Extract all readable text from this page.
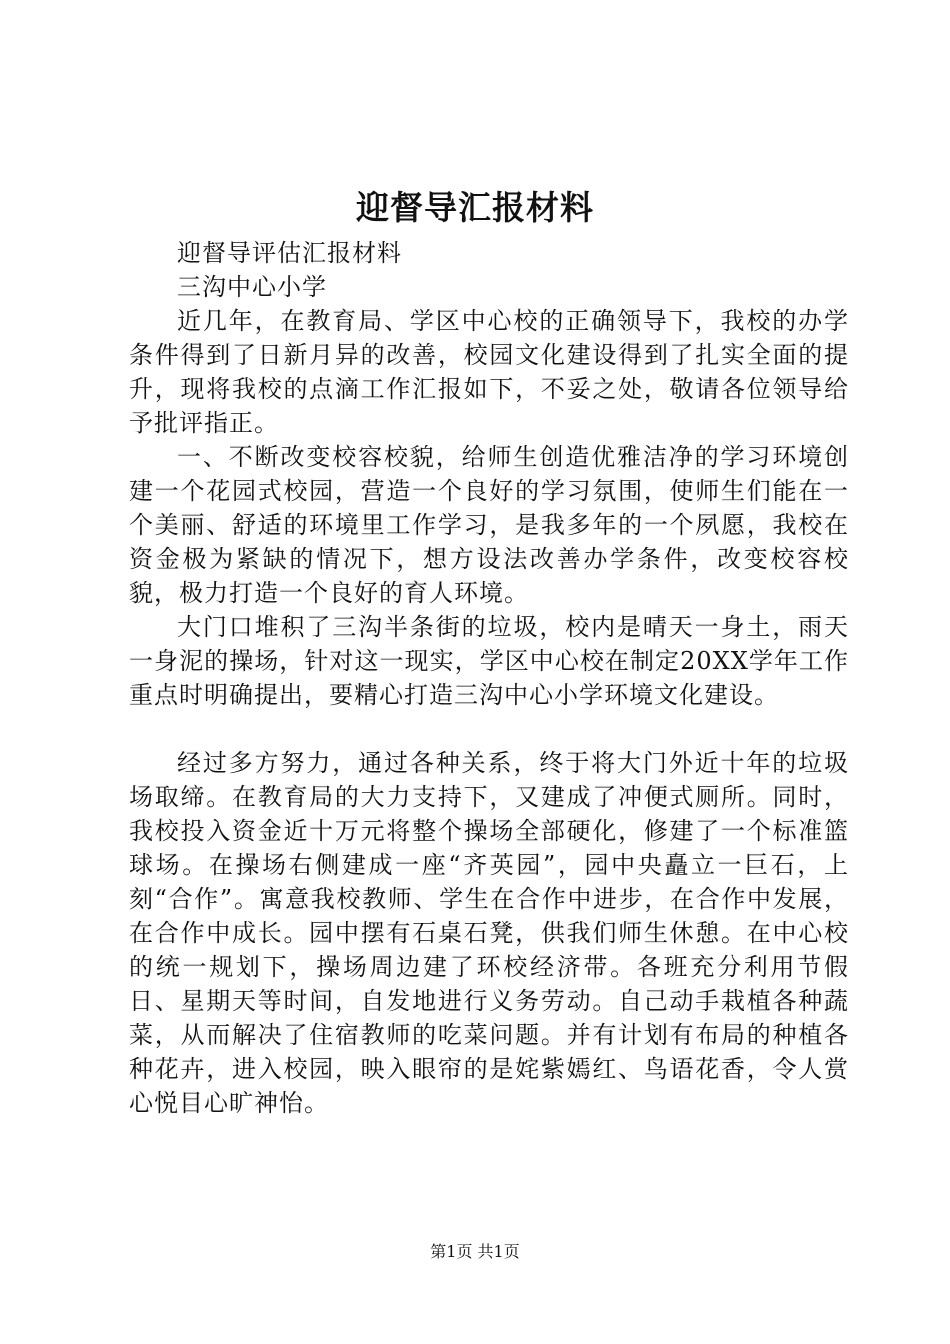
迎督导汇报材料

迎督导评估汇报材料

三沟中心小学

近几年，在教育局、学区中心校的正确领导下，我校的办学条件得到了日新月异的改善，校园文化建设得到了扎实全面的提升，现将我校的点滴工作汇报如下，不妥之处，敬请各位领导给予批评指正。

一、不断改变校容校貌，给师生创造优雅洁净的学习环境创建一个花园式校园，营造一个良好的学习氛围，使师生们能在一个美丽、舒适的环境里工作学习，是我多年的一个夙愿，我校在资金极为紧缺的情况下，想方设法改善办学条件，改变校容校貌，极力打造一个良好的育人环境。

大门口堆积了三沟半条街的垃圾，校内是晴天一身土，雨天一身泥的操场，针对这一现实，学区中心校在制定20XX学年工作重点时明确提出，要精心打造三沟中心小学环境文化建设。

经过多方努力，通过各种关系，终于将大门外近十年的垃圾场取缔。在教育局的大力支持下，又建成了冲便式厕所。同时，我校投入资金近十万元将整个操场全部硬化，修建了一个标准篮球场。在操场右侧建成一座“齐英园”，园中央矗立一巨石，上刻“合作”。寓意我校教师、学生在合作中进步，在合作中发展，在合作中成长。园中摆有石桌石凳，供我们师生休憩。在中心校的统一规划下，操场周边建了环校经济带。各班充分利用节假日、星期天等时间，自发地进行义务劳动。自己动手栽植各种蔬菜，从而解决了住宿教师的吃菜问题。并有计划有布局的种植各种花卉，进入校园，映入眼帘的是姹紫嫣红、鸟语花香，令人赏心悦目心旷神怡。

第1页 共1页
